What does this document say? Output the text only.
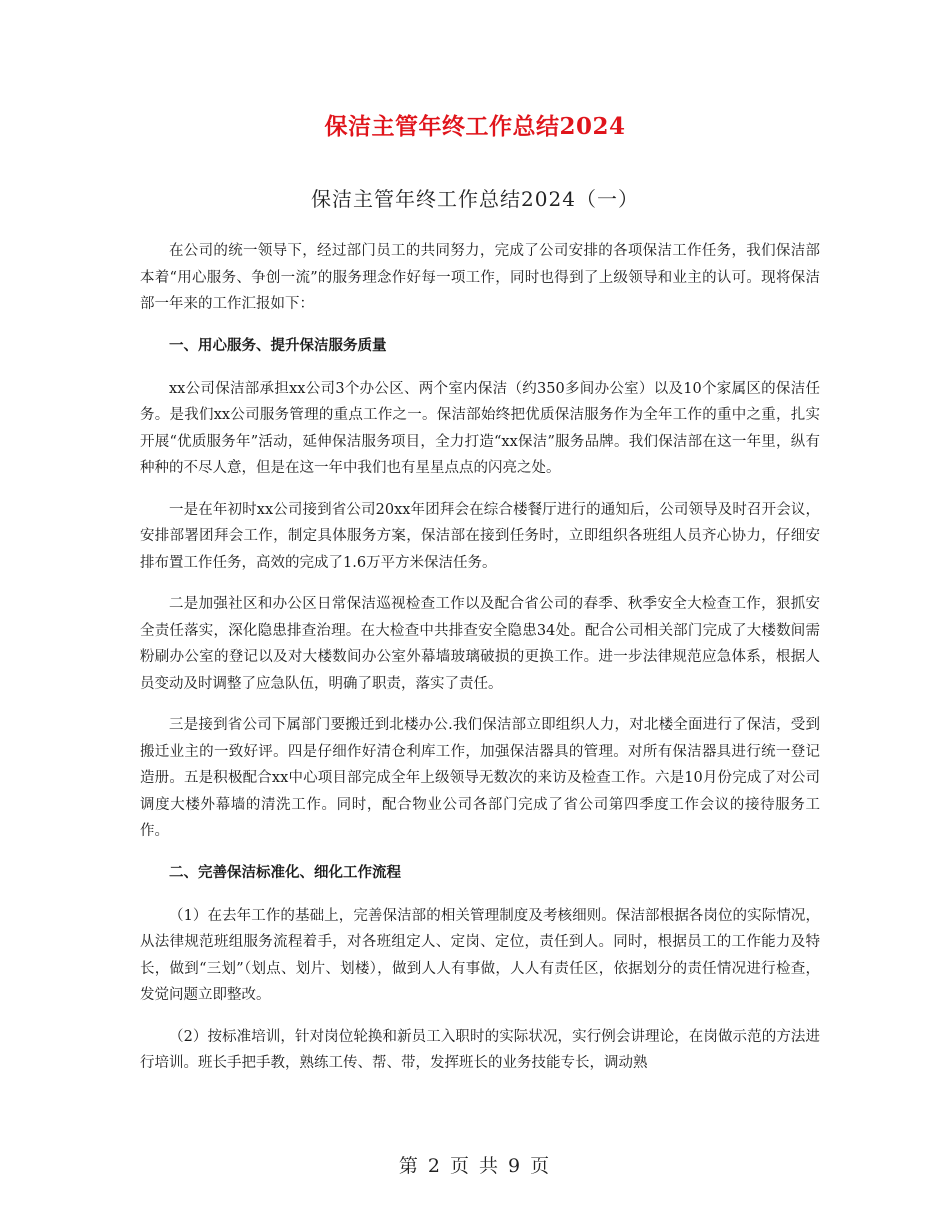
保洁主管年终工作总结2024
保洁主管年终工作总结2024（一）

在公司的统一领导下，经过部门员工的共同努力，完成了公司安排的各项保洁工作任务，我们保洁部本着“用心服务、争创一流”的服务理念作好每一项工作，同时也得到了上级领导和业主的认可。现将保洁部一年来的工作汇报如下：

一、用心服务、提升保洁服务质量

xx公司保洁部承担xx公司3个办公区、两个室内保洁（约350多间办公室）以及10个家属区的保洁任务。是我们xx公司服务管理的重点工作之一。保洁部始终把优质保洁服务作为全年工作的重中之重，扎实开展“优质服务年”活动，延伸保洁服务项目，全力打造“xx保洁”服务品牌。我们保洁部在这一年里，纵有种种的不尽人意，但是在这一年中我们也有星星点点的闪亮之处。

一是在年初时xx公司接到省公司20xx年团拜会在综合楼餐厅进行的通知后，公司领导及时召开会议，安排部署团拜会工作，制定具体服务方案，保洁部在接到任务时，立即组织各班组人员齐心协力，仔细安排布置工作任务，高效的完成了1.6万平方米保洁任务。

二是加强社区和办公区日常保洁巡视检查工作以及配合省公司的春季、秋季安全大检查工作，狠抓安全责任落实，深化隐患排查治理。在大检查中共排查安全隐患34处。配合公司相关部门完成了大楼数间需粉刷办公室的登记以及对大楼数间办公室外幕墙玻璃破损的更换工作。进一步法律规范应急体系，根据人员变动及时调整了应急队伍，明确了职责，落实了责任。

三是接到省公司下属部门要搬迁到北楼办公.我们保洁部立即组织人力，对北楼全面进行了保洁，受到搬迁业主的一致好评。四是仔细作好清仓利库工作，加强保洁器具的管理。对所有保洁器具进行统一登记造册。五是积极配合xx中心项目部完成全年上级领导无数次的来访及检查工作。六是10月份完成了对公司调度大楼外幕墙的清洗工作。同时，配合物业公司各部门完成了省公司第四季度工作会议的接待服务工作。

二、完善保洁标准化、细化工作流程

（1）在去年工作的基础上，完善保洁部的相关管理制度及考核细则。保洁部根据各岗位的实际情况，从法律规范班组服务流程着手，对各班组定人、定岗、定位，责任到人。同时，根据员工的工作能力及特长，做到“三划”（划点、划片、划楼），做到人人有事做，人人有责任区，依据划分的责任情况进行检查，发觉问题立即整改。

（2）按标准培训，针对岗位轮换和新员工入职时的实际状况，实行例会讲理论，在岗做示范的方法进行培训。班长手把手教，熟练工传、帮、带，发挥班长的业务技能专长，调动熟

第 2 页 共 9 页
